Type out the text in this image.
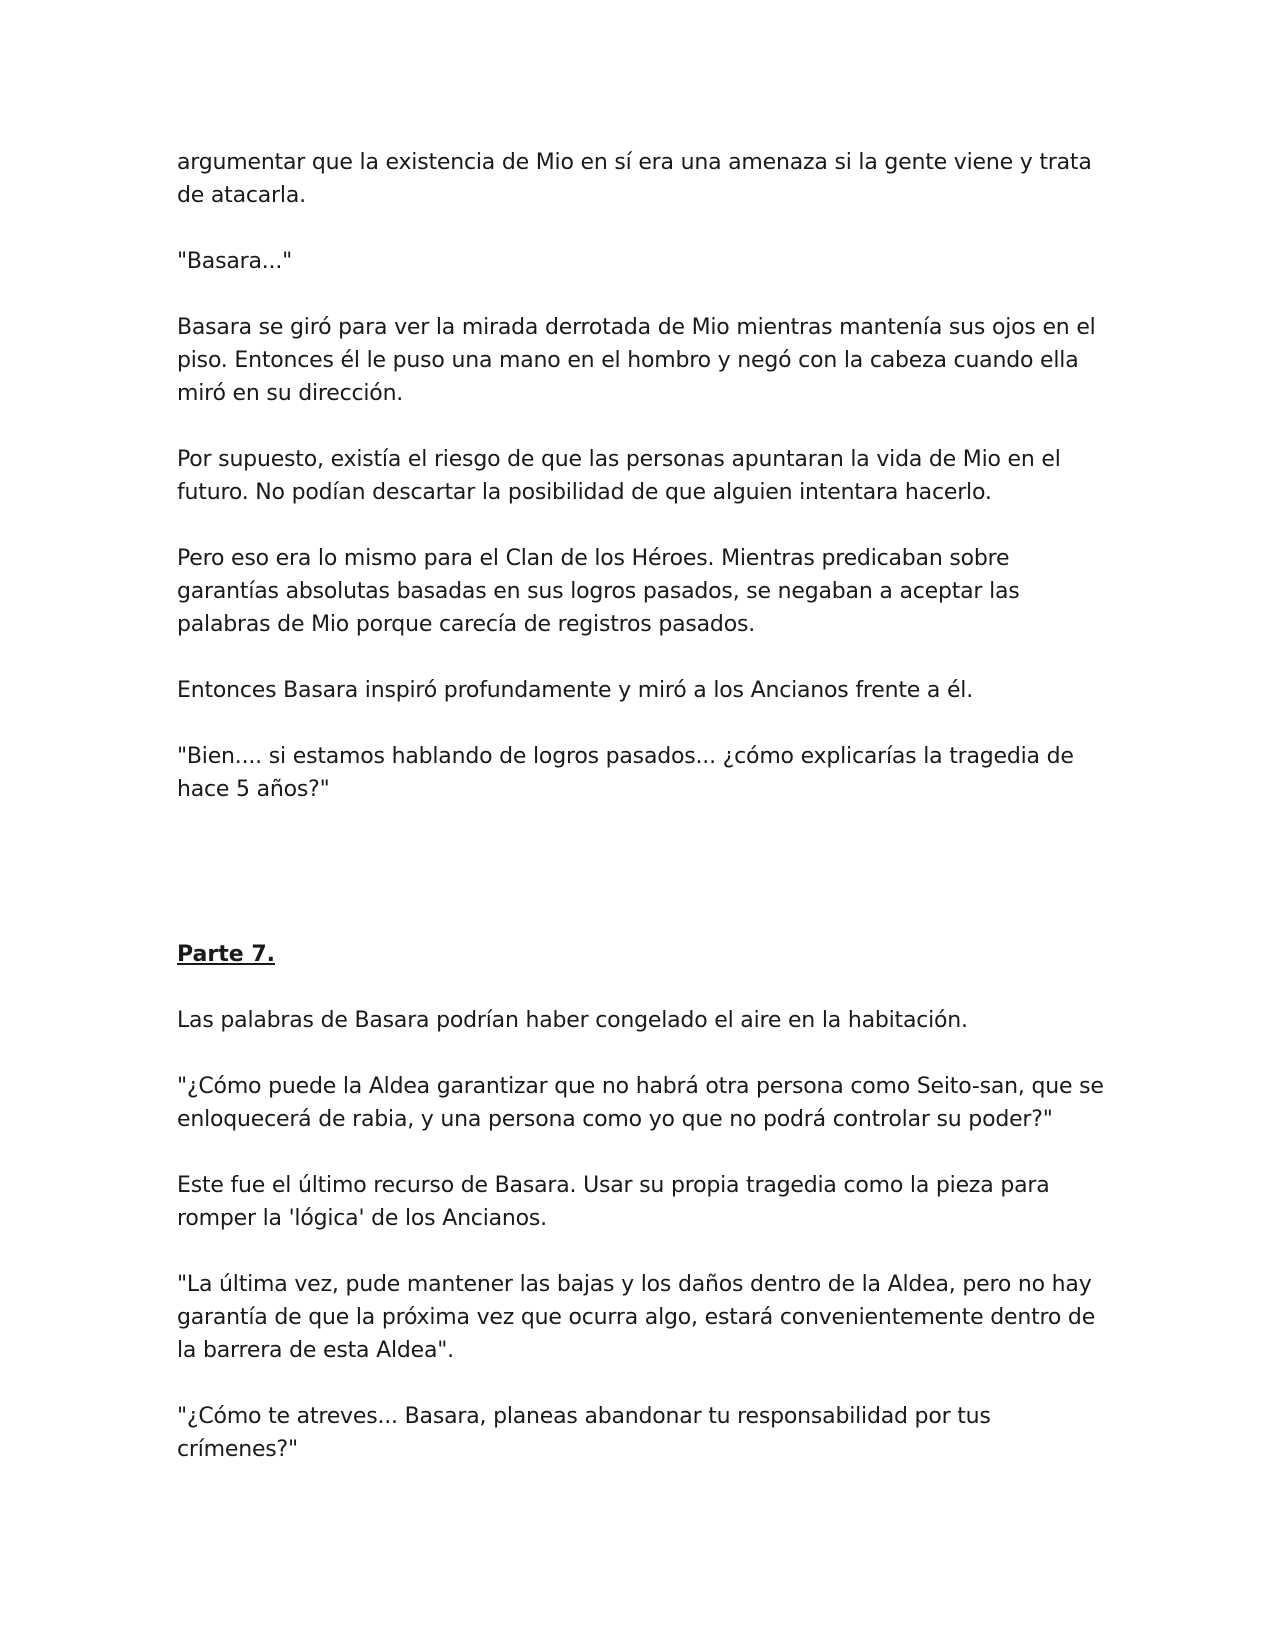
argumentar que la existencia de Mio en sí era una amenaza si la gente viene y trata de atacarla.

"Basara..."

Basara se giró para ver la mirada derrotada de Mio mientras mantenía sus ojos en el piso. Entonces él le puso una mano en el hombro y negó con la cabeza cuando ella miró en su dirección.

Por supuesto, existía el riesgo de que las personas apuntaran la vida de Mio en el futuro. No podían descartar la posibilidad de que alguien intentara hacerlo.

Pero eso era lo mismo para el Clan de los Héroes. Mientras predicaban sobre garantías absolutas basadas en sus logros pasados, se negaban a aceptar las palabras de Mio porque carecía de registros pasados.

Entonces Basara inspiró profundamente y miró a los Ancianos frente a él.

"Bien.... si estamos hablando de logros pasados... ¿cómo explicarías la tragedia de hace 5 años?"

Parte 7.

Las palabras de Basara podrían haber congelado el aire en la habitación.

"¿Cómo puede la Aldea garantizar que no habrá otra persona como Seito-san, que se enloquecerá de rabia, y una persona como yo que no podrá controlar su poder?"

Este fue el último recurso de Basara. Usar su propia tragedia como la pieza para romper la 'lógica' de los Ancianos.

"La última vez, pude mantener las bajas y los daños dentro de la Aldea, pero no hay garantía de que la próxima vez que ocurra algo, estará convenientemente dentro de la barrera de esta Aldea".

"¿Cómo te atreves... Basara, planeas abandonar tu responsabilidad por tus crímenes?"
